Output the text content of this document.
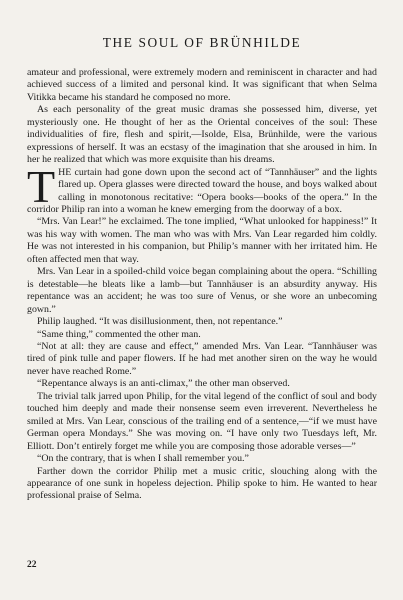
THE SOUL OF BRÜNHILDE

amateur and professional, were extremely modern and reminiscent in character and had achieved success of a limited and personal kind. It was significant that when Selma Vitikka became his standard he composed no more.

As each personality of the great music dramas she possessed him, diverse, yet mysteriously one. He thought of her as the Oriental conceives of the soul: These individualities of fire, flesh and spirit,—Isolde, Elsa, Brünhilde, were the various expressions of herself. It was an ecstasy of the imagination that she aroused in him. In her he realized that which was more exquisite than his dreams.

THE curtain had gone down upon the second act of “Tannhäuser” and the lights flared up. Opera glasses were directed toward the house, and boys walked about calling in monotonous recitative: “Opera books—books of the opera.” In the corridor Philip ran into a woman he knew emerging from the doorway of a box.

“Mrs. Van Lear!” he exclaimed. The tone implied, “What unlooked for happiness!” It was his way with women. The man who was with Mrs. Van Lear regarded him coldly. He was not interested in his companion, but Philip’s manner with her irritated him. He often affected men that way.

Mrs. Van Lear in a spoiled-child voice began complaining about the opera. “Schilling is detestable—he bleats like a lamb—but Tannhäuser is an absurdity anyway. His repentance was an accident; he was too sure of Venus, or she wore an unbecoming gown.”

Philip laughed. “It was disillusionment, then, not repentance.”

“Same thing,” commented the other man.

“Not at all: they are cause and effect,” amended Mrs. Van Lear. “Tannhäuser was tired of pink tulle and paper flowers. If he had met another siren on the way he would never have reached Rome.”

“Repentance always is an anti-climax,” the other man observed.

The trivial talk jarred upon Philip, for the vital legend of the conflict of soul and body touched him deeply and made their nonsense seem even irreverent. Nevertheless he smiled at Mrs. Van Lear, conscious of the trailing end of a sentence,—“if we must have German opera Mondays.” She was moving on. “I have only two Tuesdays left, Mr. Elliott. Don’t entirely forget me while you are composing those adorable verses—”

“On the contrary, that is when I shall remember you.”

Farther down the corridor Philip met a music critic, slouching along with the appearance of one sunk in hopeless dejection. Philip spoke to him. He wanted to hear professional praise of Selma.

22
